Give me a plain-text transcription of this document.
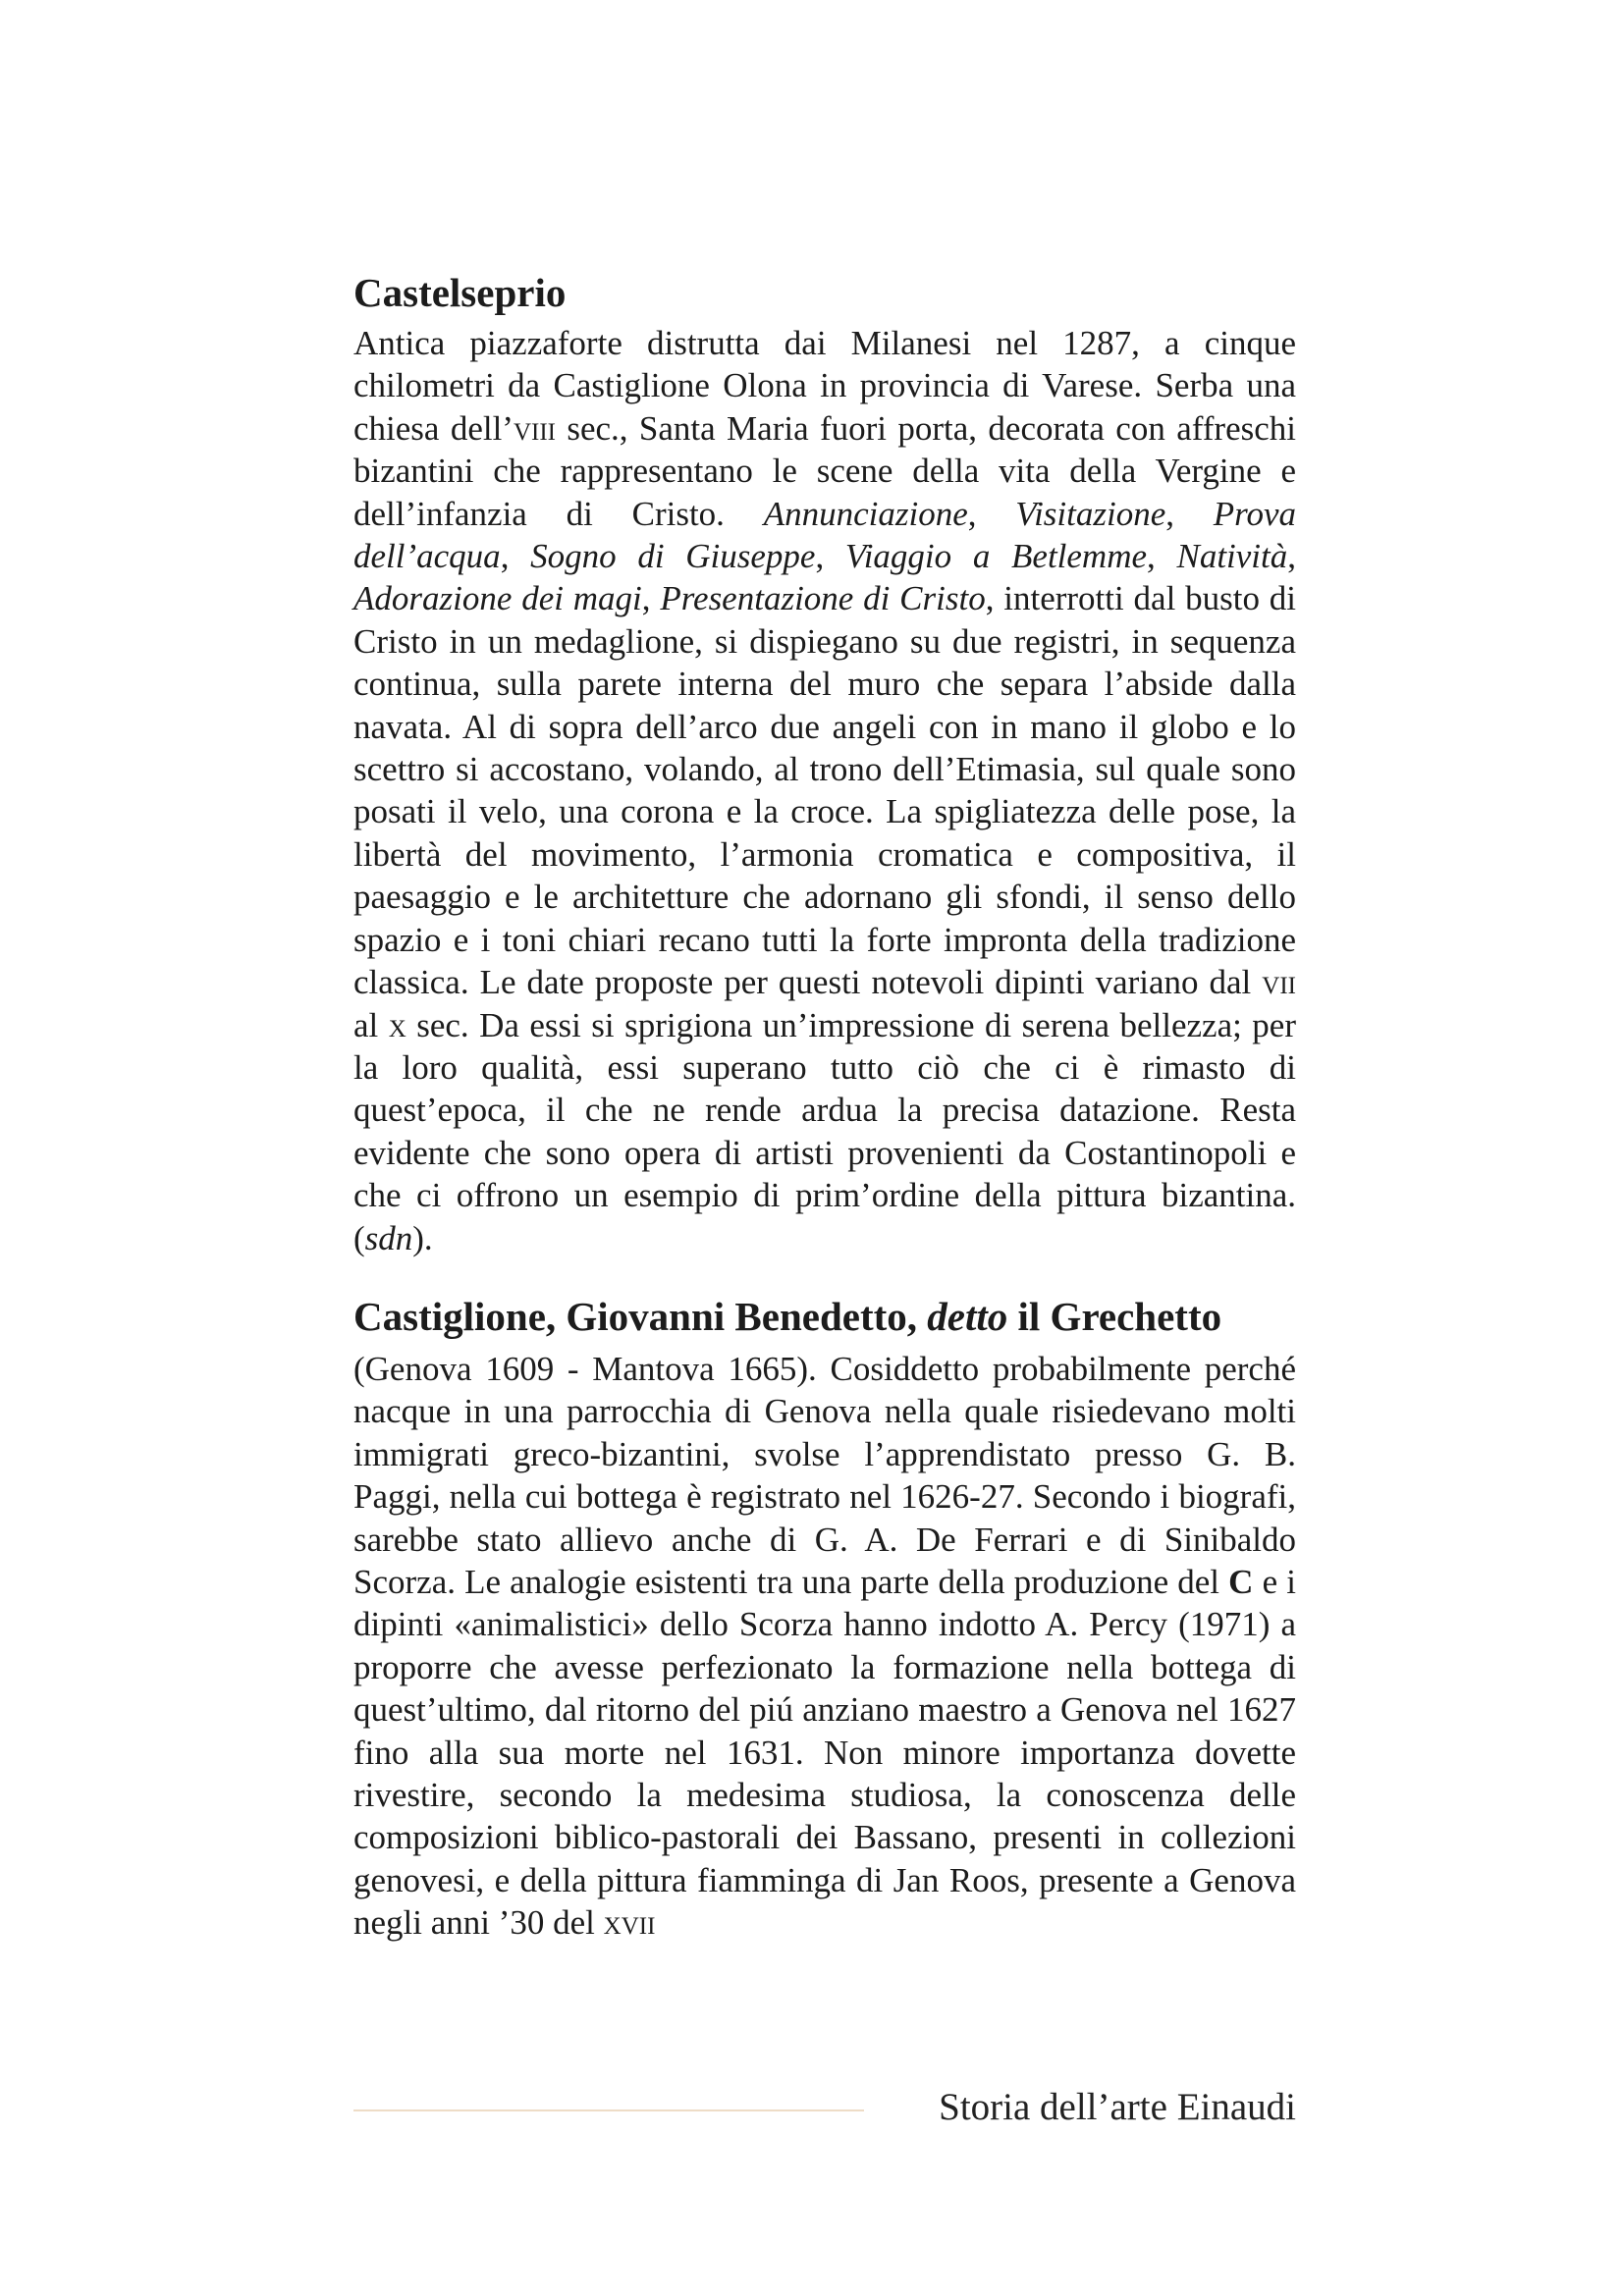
Castelseprio

Antica piazzaforte distrutta dai Milanesi nel 1287, a cinque chilometri da Castiglione Olona in provincia di Varese. Serba una chiesa dell’viii sec., Santa Maria fuori porta, decorata con affreschi bizantini che rappresentano le scene della vita della Vergine e dell’infanzia di Cristo. Annunciazione, Visitazione, Prova dell’acqua, Sogno di Giuseppe, Viaggio a Betlemme, Natività, Adorazione dei magi, Presentazione di Cristo, interrotti dal busto di Cristo in un medaglione, si dispiegano su due registri, in sequenza continua, sulla parete interna del muro che separa l’abside dalla navata. Al di sopra dell’arco due angeli con in mano il globo e lo scettro si accostano, volando, al trono dell’Etimasia, sul quale sono posati il velo, una corona e la croce. La spigliatezza delle pose, la libertà del movimento, l’armonia cromatica e compositiva, il paesaggio e le architetture che adornano gli sfondi, il senso dello spazio e i toni chiari recano tutti la forte impronta della tradizione classica. Le date proposte per questi notevoli dipinti variano dal vii al x sec. Da essi si sprigiona un’impressione di serena bellezza; per la loro qualità, essi superano tutto ciò che ci è rimasto di quest’epoca, il che ne rende ardua la precisa datazione. Resta evidente che sono opera di artisti provenienti da Costantinopoli e che ci offrono un esempio di prim’ordine della pittura bizantina. (sdn).

Castiglione, Giovanni Benedetto, detto il Grechetto

(Genova 1609 - Mantova 1665). Cosiddetto probabilmente perché nacque in una parrocchia di Genova nella quale risiedevano molti immigrati greco-bizantini, svolse l’apprendistato presso G. B. Paggi, nella cui bottega è registrato nel 1626-27. Secondo i biografi, sarebbe stato allievo anche di G. A. De Ferrari e di Sinibaldo Scorza. Le analogie esistenti tra una parte della produzione del C e i dipinti «animalistici» dello Scorza hanno indotto A. Percy (1971) a proporre che avesse perfezionato la formazione nella bottega di quest’ultimo, dal ritorno del piú anziano maestro a Genova nel 1627 fino alla sua morte nel 1631. Non minore importanza dovette rivestire, secondo la medesima studiosa, la conoscenza delle composizioni biblico-pastorali dei Bassano, presenti in collezioni genovesi, e della pittura fiamminga di Jan Roos, presente a Genova negli anni ’30 del xvii

Storia dell’arte Einaudi
